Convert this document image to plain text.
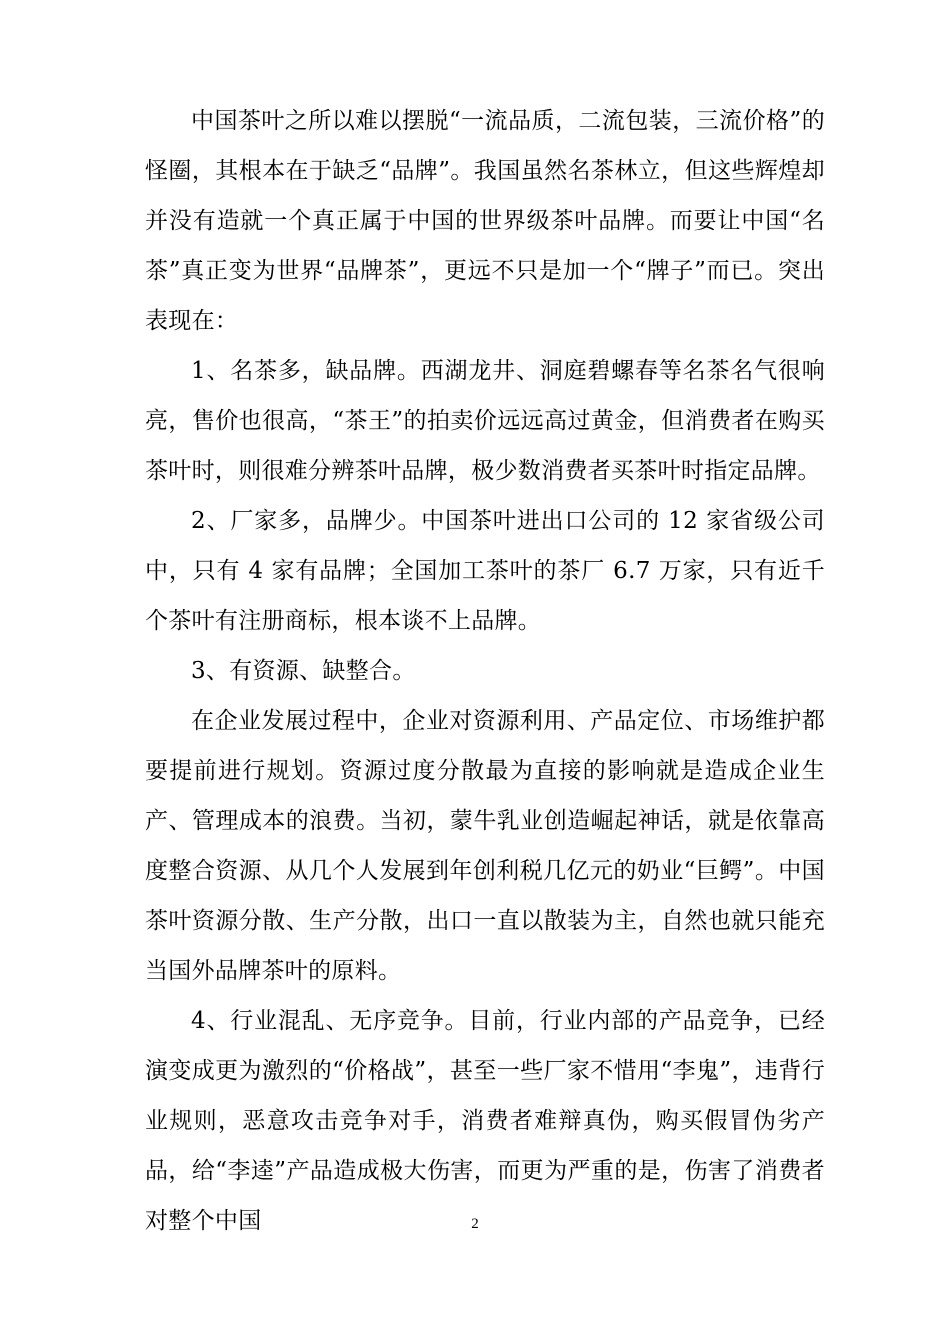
中国茶叶之所以难以摆脱“一流品质，二流包装，三流价格”的怪圈，其根本在于缺乏“品牌”。我国虽然名茶林立，但这些辉煌却并没有造就一个真正属于中国的世界级茶叶品牌。而要让中国“名茶”真正变为世界“品牌茶”，更远不只是加一个“牌子”而已。突出表现在：

1、名茶多，缺品牌。西湖龙井、洞庭碧螺春等名茶名气很响亮，售价也很高，“茶王”的拍卖价远远高过黄金，但消费者在购买茶叶时，则很难分辨茶叶品牌，极少数消费者买茶叶时指定品牌。

2、厂家多，品牌少。中国茶叶进出口公司的 12 家省级公司中，只有 4 家有品牌；全国加工茶叶的茶厂 6.7 万家，只有近千个茶叶有注册商标，根本谈不上品牌。

3、有资源、缺整合。

在企业发展过程中，企业对资源利用、产品定位、市场维护都要提前进行规划。资源过度分散最为直接的影响就是造成企业生产、管理成本的浪费。当初，蒙牛乳业创造崛起神话，就是依靠高度整合资源、从几个人发展到年创利税几亿元的奶业“巨鳄”。中国茶叶资源分散、生产分散，出口一直以散装为主，自然也就只能充当国外品牌茶叶的原料。

4、行业混乱、无序竞争。目前，行业内部的产品竞争，已经演变成更为激烈的“价格战”，甚至一些厂家不惜用“李鬼”，违背行业规则，恶意攻击竞争对手，消费者难辩真伪，购买假冒伪劣产品，给“李逵”产品造成极大伤害，而更为严重的是，伤害了消费者对整个中国	2
